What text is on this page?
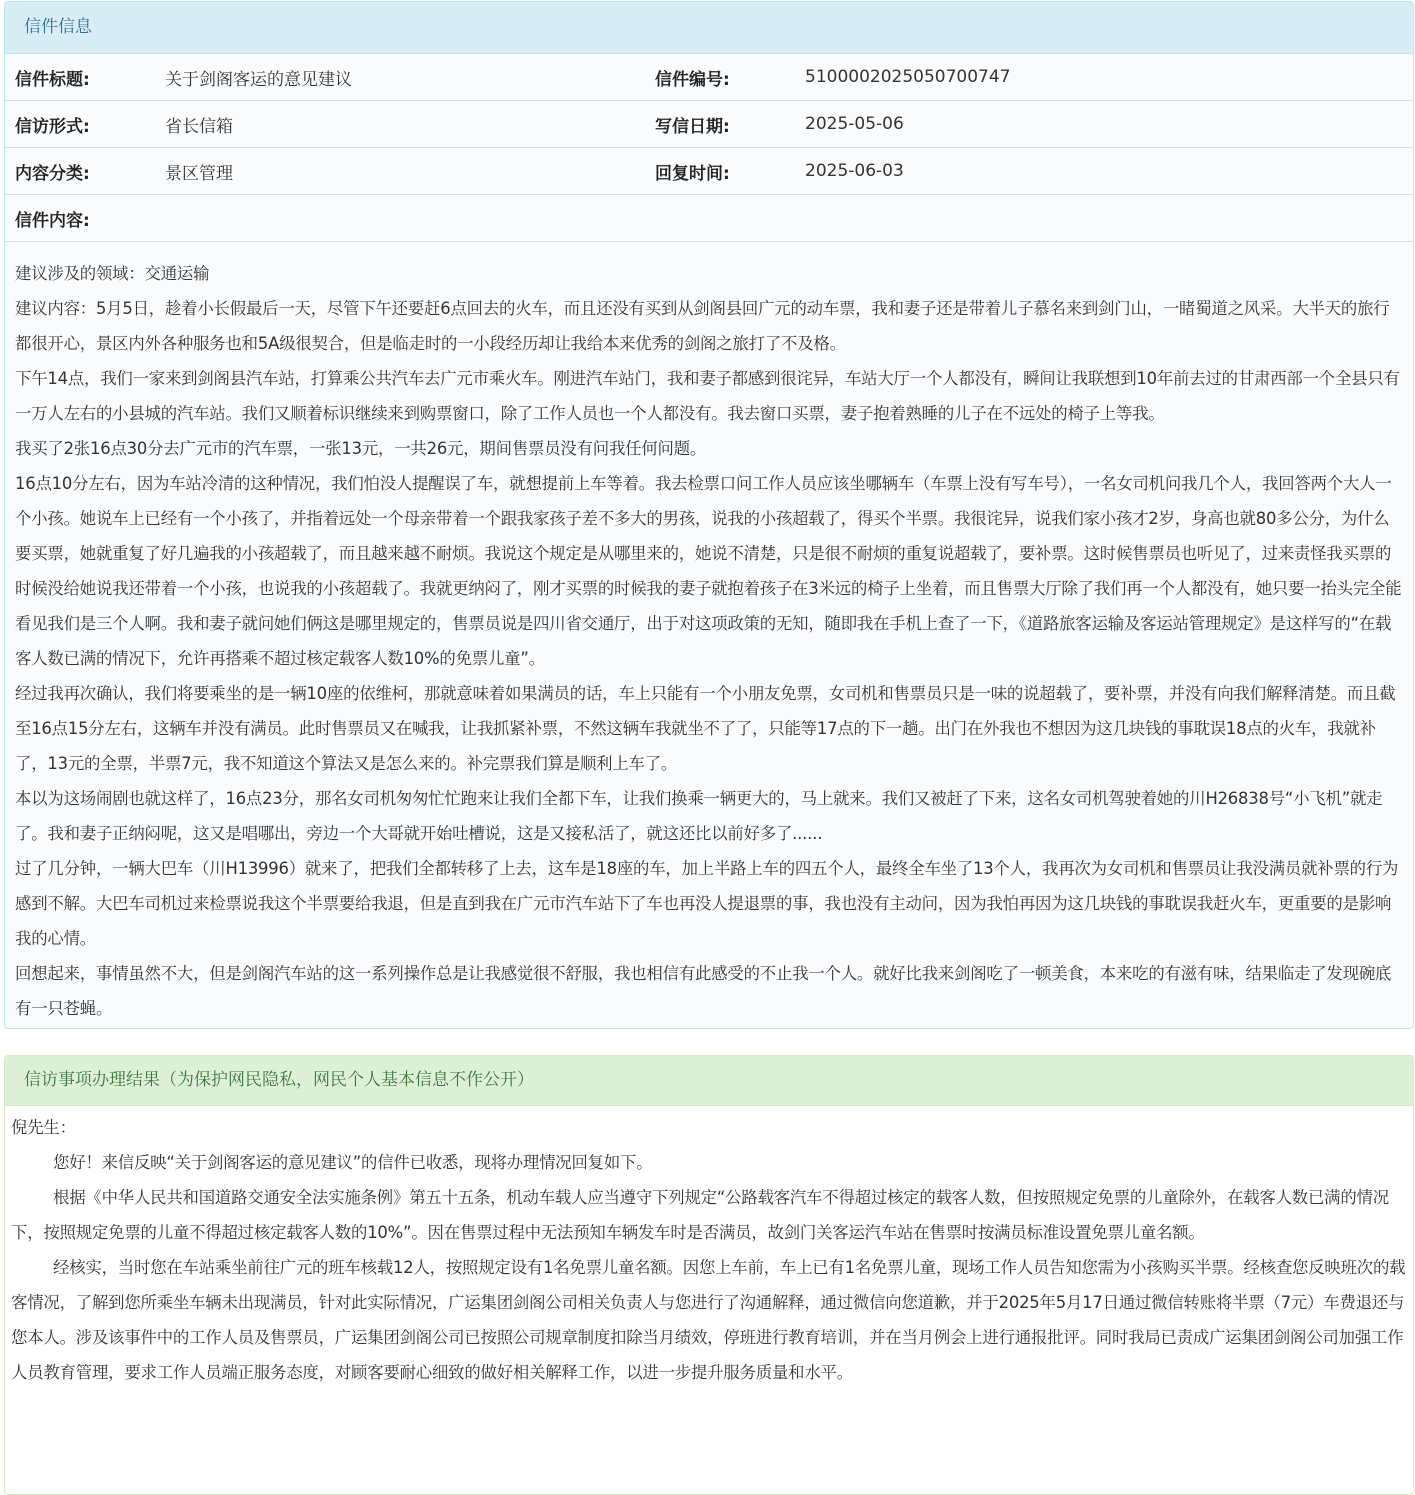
信件信息
信件标题:	关于剑阁客运的意见建议	信件编号:	5100002025050700747
信访形式:	省长信箱	写信日期:	2025-05-06
内容分类:	景区管理	回复时间:	2025-06-03
信件内容:			

建议涉及的领域：交通运输

建议内容：5月5日，趁着小长假最后一天，尽管下午还要赶6点回去的火车，而且还没有买到从剑阁县回广元的动车票，我和妻子还是带着儿子慕名来到剑门山，一睹蜀道之风采。大半天的旅行都很开心，景区内外各种服务也和5A级很契合，但是临走时的一小段经历却让我给本来优秀的剑阁之旅打了不及格。

下午14点，我们一家来到剑阁县汽车站，打算乘公共汽车去广元市乘火车。刚进汽车站门，我和妻子都感到很诧异，车站大厅一个人都没有，瞬间让我联想到10年前去过的甘肃西部一个全县只有一万人左右的小县城的汽车站。我们又顺着标识继续来到购票窗口，除了工作人员也一个人都没有。我去窗口买票，妻子抱着熟睡的儿子在不远处的椅子上等我。

我买了2张16点30分去广元市的汽车票，一张13元，一共26元，期间售票员没有问我任何问题。

16点10分左右，因为车站冷清的这种情况，我们怕没人提醒误了车，就想提前上车等着。我去检票口问工作人员应该坐哪辆车（车票上没有写车号），一名女司机问我几个人，我回答两个大人一个小孩。她说车上已经有一个小孩了，并指着远处一个母亲带着一个跟我家孩子差不多大的男孩，说我的小孩超载了，得买个半票。我很诧异，说我们家小孩才2岁，身高也就80多公分，为什么要买票，她就重复了好几遍我的小孩超载了，而且越来越不耐烦。我说这个规定是从哪里来的，她说不清楚，只是很不耐烦的重复说超载了，要补票。这时候售票员也听见了，过来责怪我买票的时候没给她说我还带着一个小孩，也说我的小孩超载了。我就更纳闷了，刚才买票的时候我的妻子就抱着孩子在3米远的椅子上坐着，而且售票大厅除了我们再一个人都没有，她只要一抬头完全能看见我们是三个人啊。我和妻子就问她们俩这是哪里规定的，售票员说是四川省交通厅，出于对这项政策的无知，随即我在手机上查了一下，《道路旅客运输及客运站管理规定》是这样写的“在载客人数已满的情况下，允许再搭乘不超过核定载客人数10%的免票儿童”。

经过我再次确认，我们将要乘坐的是一辆10座的依维柯，那就意味着如果满员的话，车上只能有一个小朋友免票，女司机和售票员只是一味的说超载了，要补票，并没有向我们解释清楚。而且截至16点15分左右，这辆车并没有满员。此时售票员又在喊我，让我抓紧补票，不然这辆车我就坐不了了，只能等17点的下一趟。出门在外我也不想因为这几块钱的事耽误18点的火车，我就补了，13元的全票，半票7元，我不知道这个算法又是怎么来的。补完票我们算是顺利上车了。

本以为这场闹剧也就这样了，16点23分，那名女司机匆匆忙忙跑来让我们全都下车，让我们换乘一辆更大的，马上就来。我们又被赶了下来，这名女司机驾驶着她的川H26838号“小飞机”就走了。我和妻子正纳闷呢，这又是唱哪出，旁边一个大哥就开始吐槽说，这是又接私活了，就这还比以前好多了......

过了几分钟，一辆大巴车（川H13996）就来了，把我们全都转移了上去，这车是18座的车，加上半路上车的四五个人，最终全车坐了13个人，我再次为女司机和售票员让我没满员就补票的行为感到不解。大巴车司机过来检票说我这个半票要给我退，但是直到我在广元市汽车站下了车也再没人提退票的事，我也没有主动问，因为我怕再因为这几块钱的事耽误我赶火车，更重要的是影响我的心情。

回想起来，事情虽然不大，但是剑阁汽车站的这一系列操作总是让我感觉很不舒服，我也相信有此感受的不止我一个人。就好比我来剑阁吃了一顿美食，本来吃的有滋有味，结果临走了发现碗底有一只苍蝇。

信访事项办理结果（为保护网民隐私，网民个人基本信息不作公开）

倪先生：

您好！来信反映“关于剑阁客运的意见建议”的信件已收悉，现将办理情况回复如下。

根据《中华人民共和国道路交通安全法实施条例》第五十五条，机动车载人应当遵守下列规定“公路载客汽车不得超过核定的载客人数，但按照规定免票的儿童除外，在载客人数已满的情况下，按照规定免票的儿童不得超过核定载客人数的10%”。因在售票过程中无法预知车辆发车时是否满员，故剑门关客运汽车站在售票时按满员标准设置免票儿童名额。

经核实，当时您在车站乘坐前往广元的班车核载12人，按照规定设有1名免票儿童名额。因您上车前，车上已有1名免票儿童，现场工作人员告知您需为小孩购买半票。经核查您反映班次的载客情况，了解到您所乘坐车辆未出现满员，针对此实际情况，广运集团剑阁公司相关负责人与您进行了沟通解释，通过微信向您道歉，并于2025年5月17日通过微信转账将半票（7元）车费退还与您本人。涉及该事件中的工作人员及售票员，广运集团剑阁公司已按照公司规章制度扣除当月绩效，停班进行教育培训，并在当月例会上进行通报批评。同时我局已责成广运集团剑阁公司加强工作人员教育管理，要求工作人员端正服务态度，对顾客要耐心细致的做好相关解释工作，以进一步提升服务质量和水平。
